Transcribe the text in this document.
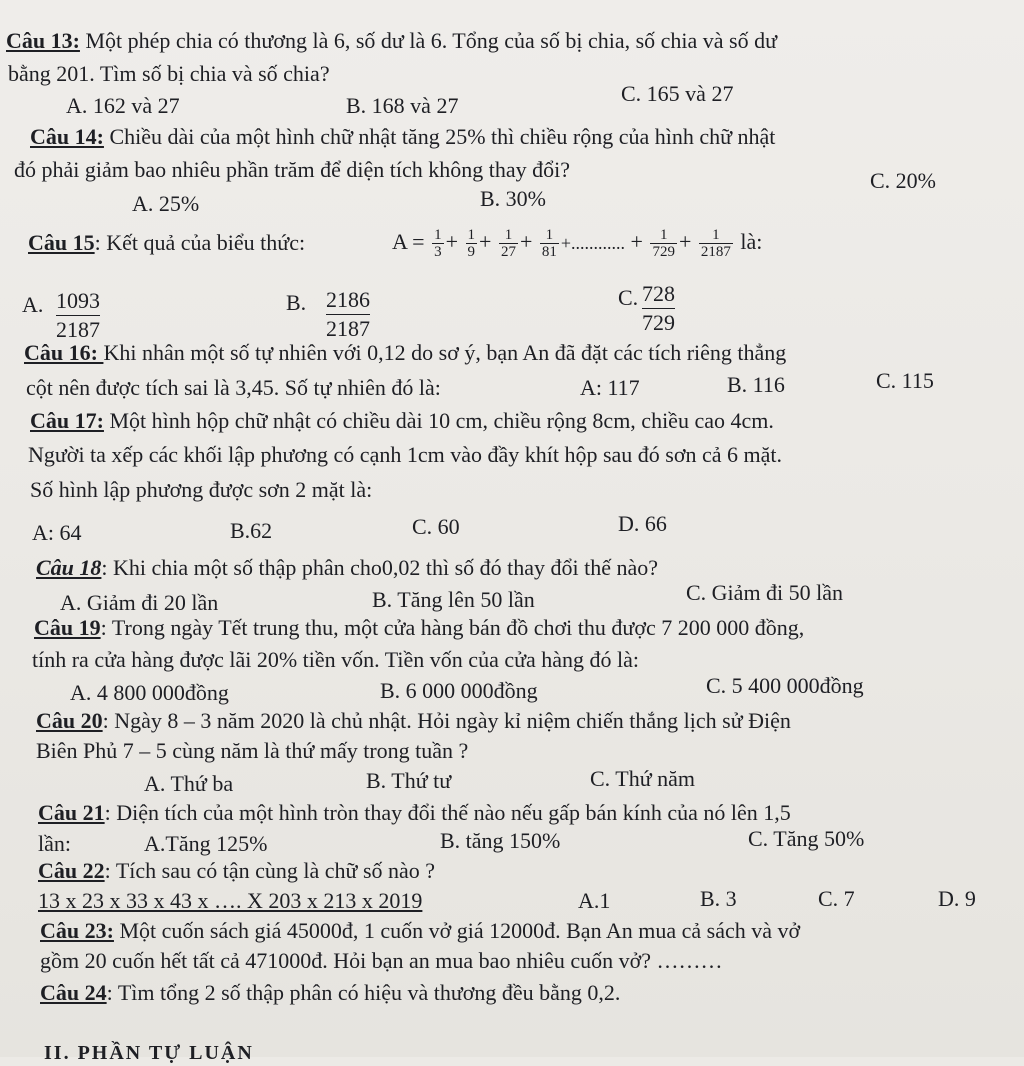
Câu 13: Một phép chia có thương là 6, số dư là 6. Tổng của số bị chia, số chia và số dư
bằng 201. Tìm số bị chia và số chia?
A. 162 và 27	B. 168 và 27	C. 165 và 27
Câu 14: Chiều dài của một hình chữ nhật tăng 25% thì chiều rộng của hình chữ nhật
đó phải giảm bao nhiêu phần trăm để diện tích không thay đổi?
A. 25%	B. 30%
C. 20%
Câu 15: Kết quả của biểu thức:	$A = \frac{1}{3} + \frac{1}{9} + \frac{1}{27} + \frac{1}{81}$ +............ + $\frac{1}{729} + \frac{1}{2187}$ là:
A. 1093
2187
B. 2186
2187
C. 728
729
Câu 16: Khi nhân một số tự nhiên với 0,12 do sơ ý, bạn An đã đặt các tích riêng thẳng
cột nên được tích sai là 3,45. Số tự nhiên đó là:	A: 117	B. 116	C. 115
Câu 17: Một hình hộp chữ nhật có chiều dài 10 cm, chiều rộng 8cm, chiều cao 4cm.
Người ta xếp các khối lập phương có cạnh 1cm vào đầy khít hộp sau đó sơn cả 6 mặt.
Số hình lập phương được sơn 2 mặt là:
A: 64	B.62	C. 60	D. 66
Câu 18: Khi chia một số thập phân cho0,02 thì số đó thay đổi thế nào?
A. Giảm đi 20 lần	B. Tăng lên 50 lần	C. Giảm đi 50 lần
Câu 19: Trong ngày Tết trung thu, một cửa hàng bán đồ chơi thu được 7 200 000 đồng,
tính ra cửa hàng được lãi 20% tiền vốn. Tiền vốn của cửa hàng đó là:
A. 4 800 000đồng	B. 6 000 000đồng	C. 5 400 000đồng
Câu 20: Ngày 8 – 3 năm 2020 là chủ nhật. Hỏi ngày kỉ niệm chiến thắng lịch sử Điện
Biên Phủ 7 – 5 cùng năm là thứ mấy trong tuần ?
A. Thứ ba	B. Thứ tư	C. Thứ năm
Câu 21: Diện tích của một hình tròn thay đổi thế nào nếu gấp bán kính của nó lên 1,5
lần:	A.Tăng 125%	B. tăng 150%	C. Tăng 50%
Câu 22: Tích sau có tận cùng là chữ số nào ?
13 x 23 x 33 x 43 x …. X 203 x 213 x 2019	A.1	B. 3	C. 7	D. 9
Câu 23: Một cuốn sách giá 45000đ, 1 cuốn vở giá 12000đ. Bạn An mua cả sách và vở
gồm 20 cuốn hết tất cả 471000đ. Hỏi bạn an mua bao nhiêu cuốn vở? ………
Câu 24: Tìm tổng 2 số thập phân có hiệu và thương đều bằng 0,2.
II. PHẦN TỰ LUẬN
